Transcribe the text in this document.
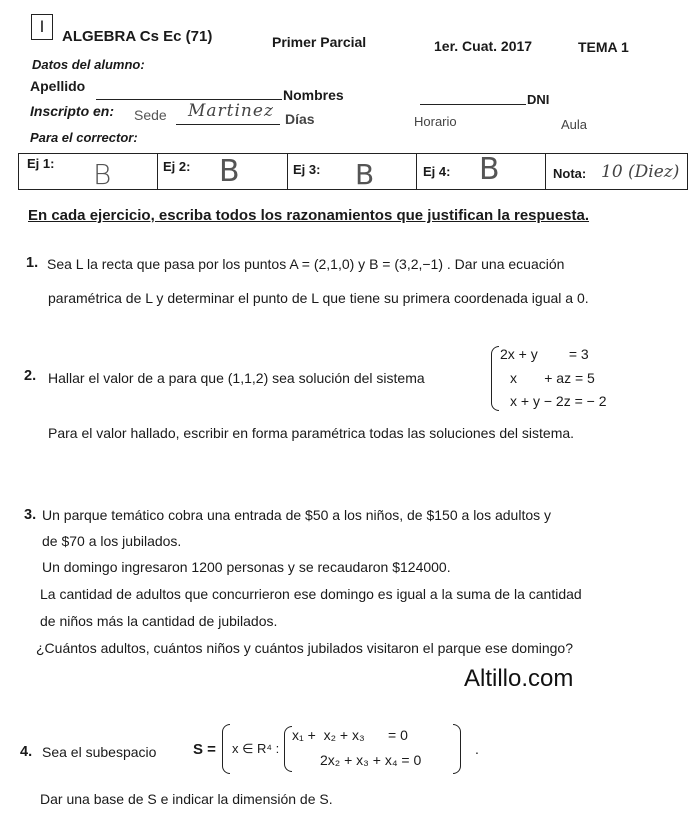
I
ALGEBRA Cs Ec (71)	Primer Parcial	1er. Cuat. 2017	TEMA 1
Datos del alumno:
Apellido
Nombres	DNI
Inscripto en: Sede Martinez Días	Horario	Aula
Para el corrector:
Ej 1: B	Ej 2: B	Ej 3: B	Ej 4: B	Nota: 10 (Diez)
En cada ejercicio, escriba todos los razonamientos que justifican la respuesta.
1. Sea L la recta que pasa por los puntos A = (2,1,0) y B = (3,2,−1) . Dar una ecuación
paramétrica de L y determinar el punto de L que tiene su primera coordenada igual a 0.
2. Hallar el valor de a para que (1,1,2) sea solución del sistema
2x + y        = 3
x       + az = 5
x + y − 2z = − 2
Para el valor hallado, escribir en forma paramétrica todas las soluciones del sistema.
3. Un parque temático cobra una entrada de $50 a los niños, de $150 a los adultos y
de $70 a los jubilados.
Un domingo ingresaron 1200 personas y se recaudaron $124000.
La cantidad de adultos que concurrieron ese domingo es igual a la suma de la cantidad
de niños más la cantidad de jubilados.
¿Cuántos adultos, cuántos niños y cuántos jubilados visitaron el parque ese domingo?
Altillo.com
4. Sea el subespacio S = x ∈ R⁴ :
x₁ +  x₂ + x₃      = 0
2x₂ + x₃ + x₄ = 0
.
Dar una base de S e indicar la dimensión de S.
